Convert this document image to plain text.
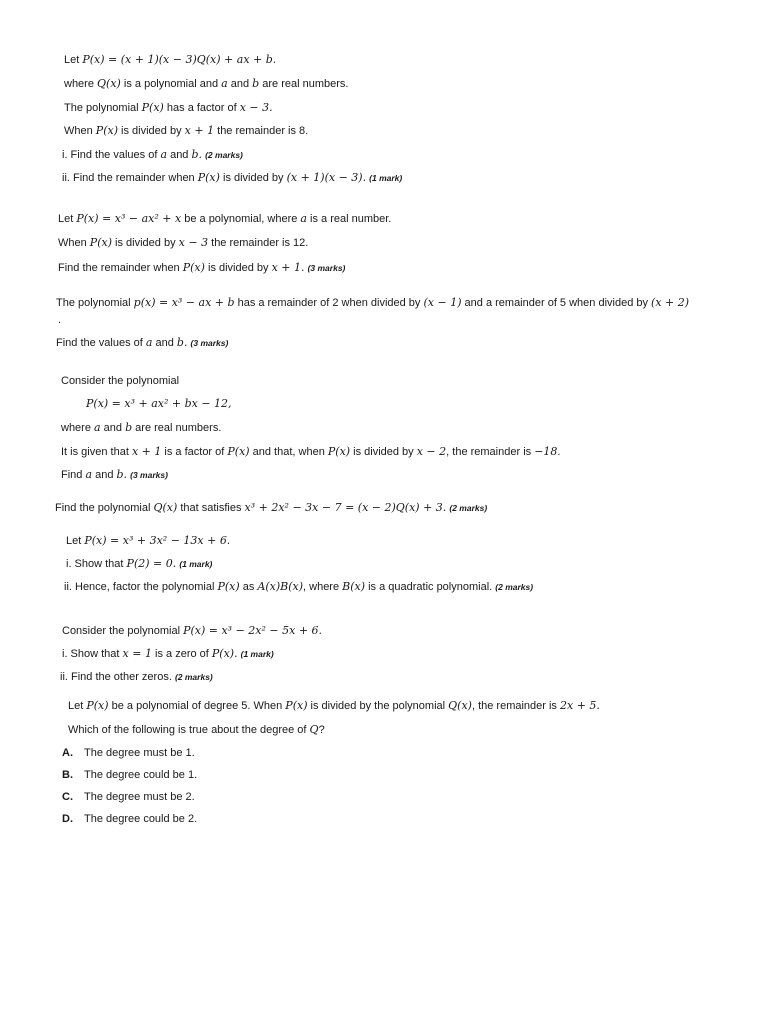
Let P(x) = (x + 1)(x − 3)Q(x) + ax + b.
where Q(x) is a polynomial and a and b are real numbers.
The polynomial P(x) has a factor of x − 3.
When P(x) is divided by x + 1 the remainder is 8.
i. Find the values of a and b. (2 marks)
ii. Find the remainder when P(x) is divided by (x + 1)(x − 3). (1 mark)
Let P(x) = x³ − ax² + x be a polynomial, where a is a real number.
When P(x) is divided by x − 3 the remainder is 12.
Find the remainder when P(x) is divided by x + 1. (3 marks)
The polynomial p(x) = x³ − ax + b has a remainder of 2 when divided by (x − 1) and a remainder of 5 when divided by (x + 2)
.
Find the values of a and b. (3 marks)
Consider the polynomial
P(x) = x³ + ax² + bx − 12,
where a and b are real numbers.
It is given that x + 1 is a factor of P(x) and that, when P(x) is divided by x − 2, the remainder is −18.
Find a and b. (3 marks)
Find the polynomial Q(x) that satisfies x³ + 2x² − 3x − 7 = (x − 2)Q(x) + 3. (2 marks)
Let P(x) = x³ + 3x² − 13x + 6.
i. Show that P(2) = 0. (1 mark)
ii. Hence, factor the polynomial P(x) as A(x)B(x), where B(x) is a quadratic polynomial. (2 marks)
Consider the polynomial P(x) = x³ − 2x² − 5x + 6.
i. Show that x = 1 is a zero of P(x). (1 mark)
ii. Find the other zeros. (2 marks)
Let P(x) be a polynomial of degree 5. When P(x) is divided by the polynomial Q(x), the remainder is 2x + 5.
Which of the following is true about the degree of Q?
A. The degree must be 1.
B. The degree could be 1.
C. The degree must be 2.
D. The degree could be 2.
